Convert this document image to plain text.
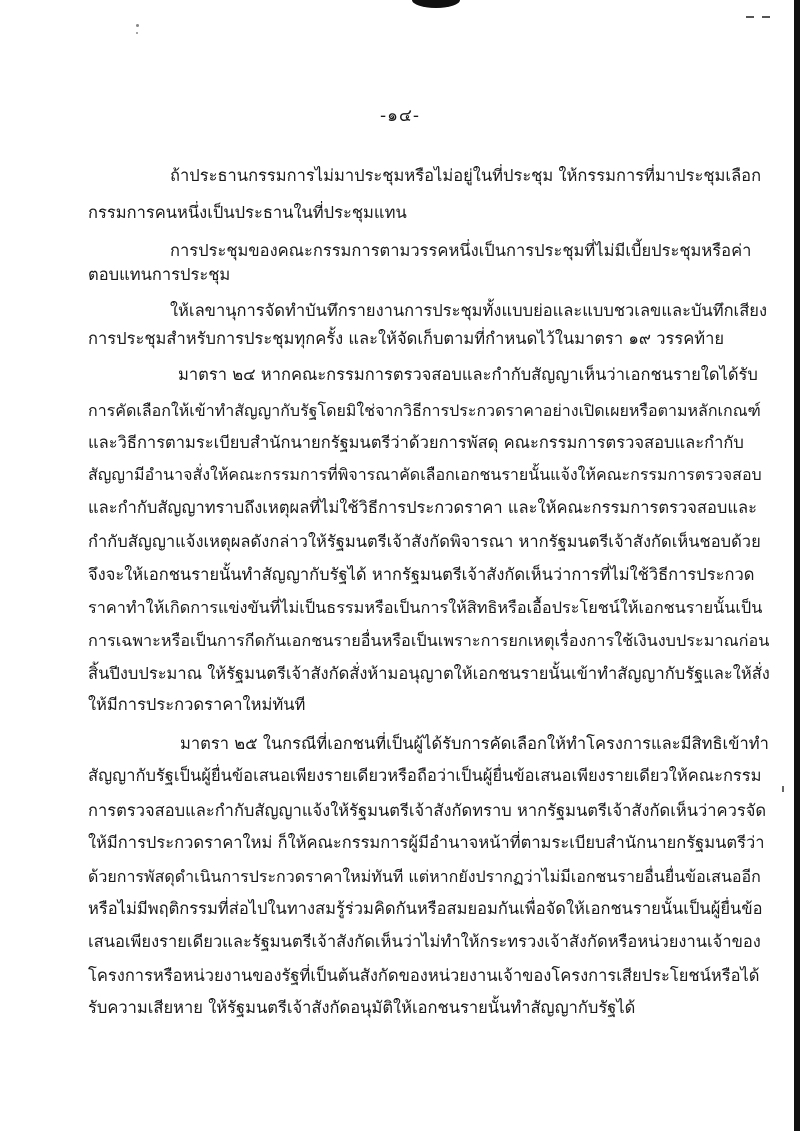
-๑๔-
ถ้าประธานกรรมการไม่มาประชุมหรือไม่อยู่ในที่ประชุม ให้กรรมการที่มาประชุมเลือก
กรรมการคนหนึ่งเป็นประธานในที่ประชุมแทน
การประชุมของคณะกรรมการตามวรรคหนึ่งเป็นการประชุมที่ไม่มีเบี้ยประชุมหรือค่า
ตอบแทนการประชุม
ให้เลขานุการจัดทำบันทึกรายงานการประชุมทั้งแบบย่อและแบบชวเลขและบันทึกเสียง
การประชุมสำหรับการประชุมทุกครั้ง และให้จัดเก็บตามที่กำหนดไว้ในมาตรา ๑๙ วรรคท้าย
มาตรา ๒๔ หากคณะกรรมการตรวจสอบและกำกับสัญญาเห็นว่าเอกชนรายใดได้รับ
การคัดเลือกให้เข้าทำสัญญากับรัฐโดยมิใช่จากวิธีการประกวดราคาอย่างเปิดเผยหรือตามหลักเกณฑ์
และวิธีการตามระเบียบสำนักนายกรัฐมนตรีว่าด้วยการพัสดุ คณะกรรมการตรวจสอบและกำกับ
สัญญามีอำนาจสั่งให้คณะกรรมการที่พิจารณาคัดเลือกเอกชนรายนั้นแจ้งให้คณะกรรมการตรวจสอบ
และกำกับสัญญาทราบถึงเหตุผลที่ไม่ใช้วิธีการประกวดราคา และให้คณะกรรมการตรวจสอบและ
กำกับสัญญาแจ้งเหตุผลดังกล่าวให้รัฐมนตรีเจ้าสังกัดพิจารณา หากรัฐมนตรีเจ้าสังกัดเห็นชอบด้วย
จึงจะให้เอกชนรายนั้นทำสัญญากับรัฐได้ หากรัฐมนตรีเจ้าสังกัดเห็นว่าการที่ไม่ใช้วิธีการประกวด
ราคาทำให้เกิดการแข่งขันที่ไม่เป็นธรรมหรือเป็นการให้สิทธิหรือเอื้อประโยชน์ให้เอกชนรายนั้นเป็น
การเฉพาะหรือเป็นการกีดกันเอกชนรายอื่นหรือเป็นเพราะการยกเหตุเรื่องการใช้เงินงบประมาณก่อน
สิ้นปีงบประมาณ ให้รัฐมนตรีเจ้าสังกัดสั่งห้ามอนุญาตให้เอกชนรายนั้นเข้าทำสัญญากับรัฐและให้สั่ง
ให้มีการประกวดราคาใหม่ทันที
มาตรา ๒๕ ในกรณีที่เอกชนที่เป็นผู้ได้รับการคัดเลือกให้ทำโครงการและมีสิทธิเข้าทำ
สัญญากับรัฐเป็นผู้ยื่นข้อเสนอเพียงรายเดียวหรือถือว่าเป็นผู้ยื่นข้อเสนอเพียงรายเดียวให้คณะกรรม
การตรวจสอบและกำกับสัญญาแจ้งให้รัฐมนตรีเจ้าสังกัดทราบ หากรัฐมนตรีเจ้าสังกัดเห็นว่าควรจัด
ให้มีการประกวดราคาใหม่ ก็ให้คณะกรรมการผู้มีอำนาจหน้าที่ตามระเบียบสำนักนายกรัฐมนตรีว่า
ด้วยการพัสดุดำเนินการประกวดราคาใหม่ทันที แต่หากยังปรากฏว่าไม่มีเอกชนรายอื่นยื่นข้อเสนออีก
หรือไม่มีพฤติกรรมที่ส่อไปในทางสมรู้ร่วมคิดกันหรือสมยอมกันเพื่อจัดให้เอกชนรายนั้นเป็นผู้ยื่นข้อ
เสนอเพียงรายเดียวและรัฐมนตรีเจ้าสังกัดเห็นว่าไม่ทำให้กระทรวงเจ้าสังกัดหรือหน่วยงานเจ้าของ
โครงการหรือหน่วยงานของรัฐที่เป็นต้นสังกัดของหน่วยงานเจ้าของโครงการเสียประโยชน์หรือได้
รับความเสียหาย ให้รัฐมนตรีเจ้าสังกัดอนุมัติให้เอกชนรายนั้นทำสัญญากับรัฐได้
